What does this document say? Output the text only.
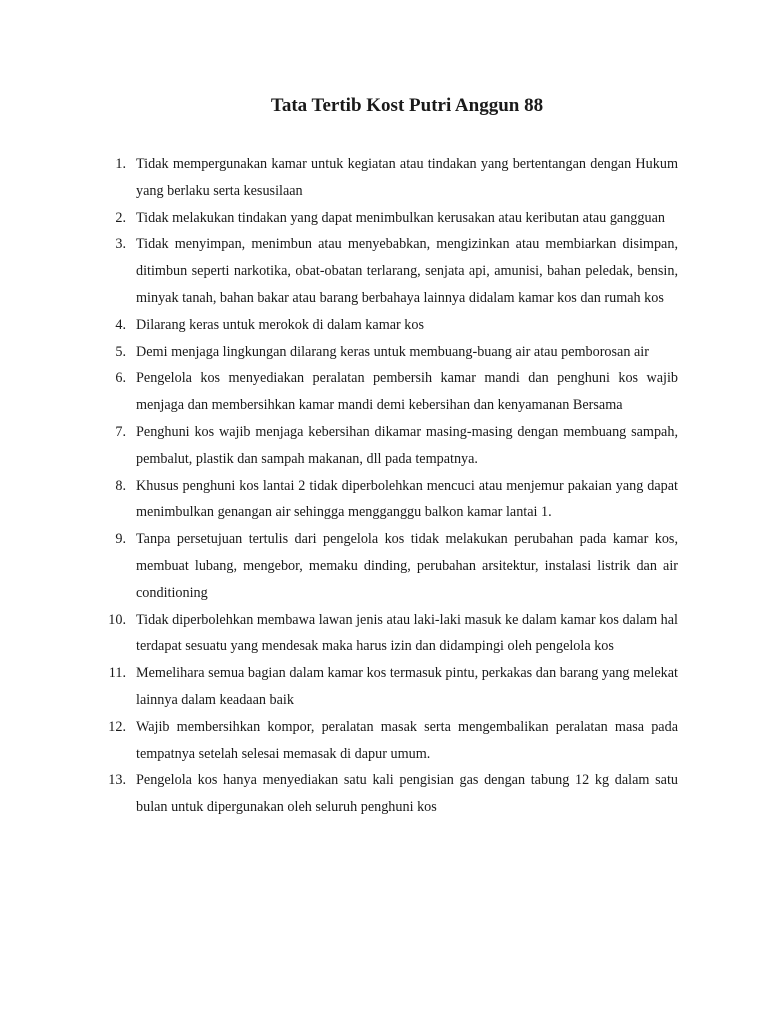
Tata Tertib Kost Putri Anggun 88
1. Tidak mempergunakan kamar untuk kegiatan atau tindakan yang bertentangan dengan Hukum yang berlaku serta kesusilaan
2. Tidak melakukan tindakan yang dapat menimbulkan kerusakan atau keributan atau gangguan
3. Tidak menyimpan, menimbun atau menyebabkan, mengizinkan atau membiarkan disimpan, ditimbun seperti narkotika, obat-obatan terlarang, senjata api, amunisi, bahan peledak, bensin, minyak tanah, bahan bakar atau barang berbahaya lainnya didalam kamar kos dan rumah kos
4. Dilarang keras untuk merokok di dalam kamar kos
5. Demi menjaga lingkungan dilarang keras untuk membuang-buang air atau pemborosan air
6. Pengelola kos menyediakan peralatan pembersih kamar mandi dan penghuni kos wajib menjaga dan membersihkan kamar mandi demi kebersihan dan kenyamanan Bersama
7. Penghuni kos wajib menjaga kebersihan dikamar masing-masing dengan membuang sampah, pembalut, plastik dan sampah makanan, dll pada tempatnya.
8. Khusus penghuni kos lantai 2 tidak diperbolehkan mencuci atau menjemur pakaian yang dapat menimbulkan genangan air sehingga mengganggu balkon kamar lantai 1.
9. Tanpa persetujuan tertulis dari pengelola kos tidak melakukan perubahan pada kamar kos, membuat lubang, mengebor, memaku dinding, perubahan arsitektur, instalasi listrik dan air conditioning
10. Tidak diperbolehkan membawa lawan jenis atau laki-laki masuk ke dalam kamar kos dalam hal terdapat sesuatu yang mendesak maka harus izin dan didampingi oleh pengelola kos
11. Memelihara semua bagian dalam kamar kos termasuk pintu, perkakas dan barang yang melekat lainnya dalam keadaan baik
12. Wajib membersihkan kompor, peralatan masak serta mengembalikan peralatan masa pada tempatnya setelah selesai memasak di dapur umum.
13. Pengelola kos hanya menyediakan satu kali pengisian gas dengan tabung 12 kg dalam satu bulan untuk dipergunakan oleh seluruh penghuni kos
